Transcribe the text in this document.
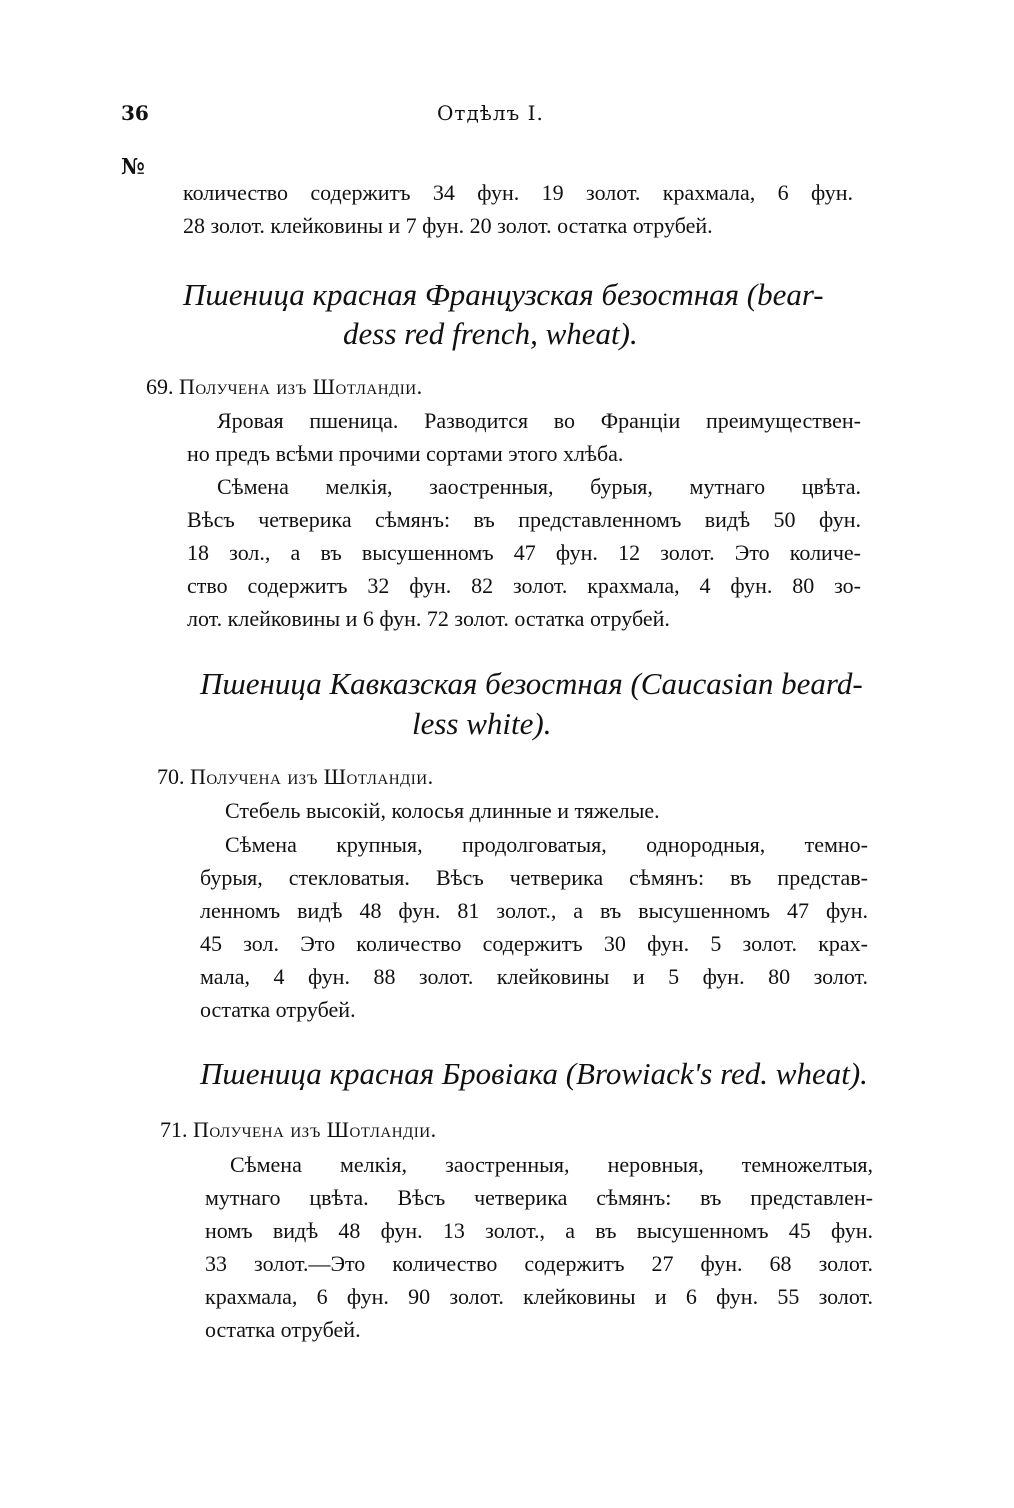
36	Отдѣлъ I.
№
количество содержитъ 34 фун. 19 золот. крахмала, 6 фун.
28 золот. клейковины и 7 фун. 20 золот. остатка отрубей.
Пшеница красная Французская безостная (bear-
dess red french, wheat).
69. Получена изъ Шотландіи.
Яровая пшеница. Разводится во Франціи преимуществен-
но предъ всѣми прочими сортами этого хлѣба.
Сѣмена мелкія, заостренныя, бурыя, мутнаго цвѣта.
Вѣсъ четверика сѣмянъ: въ представленномъ видѣ 50 фун.
18 зол., а въ высушенномъ 47 фун. 12 золот. Это количе-
ство содержитъ 32 фун. 82 золот. крахмала, 4 фун. 80 зо-
лот. клейковины и 6 фун. 72 золот. остатка отрубей.
Пшеница Кавказская безостная (Caucasian beard-
less white).
70. Получена изъ Шотландіи.
Стебель высокій, колосья длинные и тяжелые.
Сѣмена крупныя, продолговатыя, однородныя, темно-
бурыя, стекловатыя. Вѣсъ четверика сѣмянъ: въ представ-
ленномъ видѣ 48 фун. 81 золот., а въ высушенномъ 47 фун.
45 зол. Это количество содержитъ 30 фун. 5 золот. крах-
мала, 4 фун. 88 золот. клейковины и 5 фун. 80 золот.
остатка отрубей.
Пшеница красная Бровіака (Browiack's red. wheat).
71. Получена изъ Шотландіи.
Сѣмена мелкія, заостренныя, неровныя, темножелтыя,
мутнаго цвѣта. Вѣсъ четверика сѣмянъ: въ представлен-
номъ видѣ 48 фун. 13 золот., а въ высушенномъ 45 фун.
33 золот.—Это количество содержитъ 27 фун. 68 золот.
крахмала, 6 фун. 90 золот. клейковины и 6 фун. 55 золот.
остатка отрубей.
